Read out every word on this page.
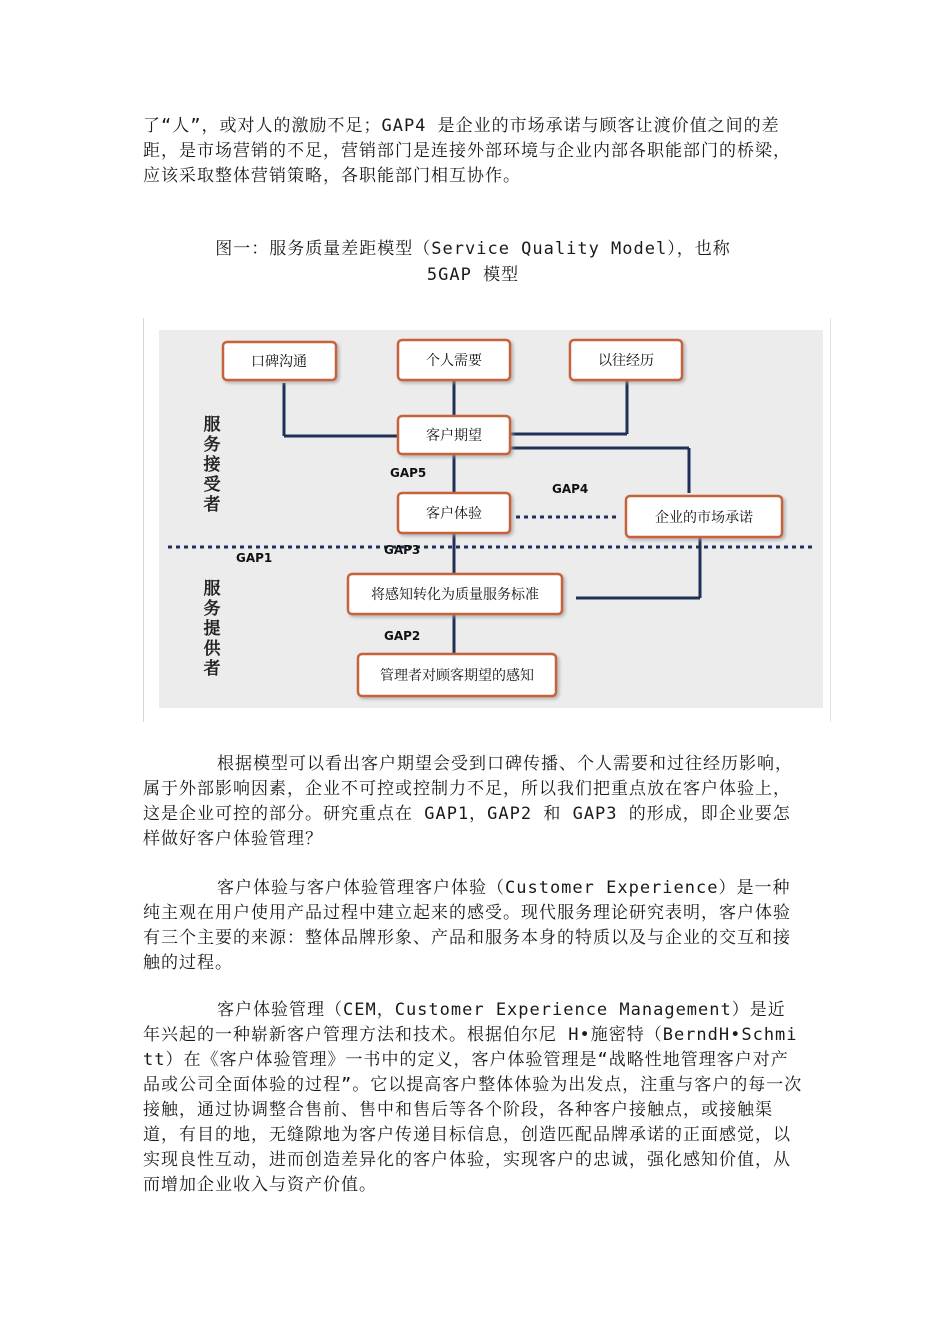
了“人”，或对人的激励不足；GAP4 是企业的市场承诺与顾客让渡价值之间的差距，是市场营销的不足，营销部门是连接外部环境与企业内部各职能部门的桥梁，应该采取整体营销策略，各职能部门相互协作。

图一：服务质量差距模型（Service Quality Model），也称
5GAP 模型

口碑沟通	个人需要	以往经历
客户期望
客户体验	企业的市场承诺
将感知转化为质量服务标准
管理者对顾客期望的感知
GAP5
GAP4
GAP1
GAP3
GAP2
服
务
接
受
者
服
务
提
供
者

根据模型可以看出客户期望会受到口碑传播、个人需要和过往经历影响，属于外部影响因素，企业不可控或控制力不足，所以我们把重点放在客户体验上，这是企业可控的部分。研究重点在 GAP1，GAP2 和 GAP3 的形成，即企业要怎样做好客户体验管理？

客户体验与客户体验管理客户体验（Customer Experience）是一种纯主观在用户使用产品过程中建立起来的感受。现代服务理论研究表明，客户体验有三个主要的来源：整体品牌形象、产品和服务本身的特质以及与企业的交互和接触的过程。

客户体验管理（CEM，Customer Experience Management）是近年兴起的一种崭新客户管理方法和技术。根据伯尔尼 H•施密特（BerndH•Schmitt）在《客户体验管理》一书中的定义，客户体验管理是“战略性地管理客户对产品或公司全面体验的过程”。它以提高客户整体体验为出发点，注重与客户的每一次接触，通过协调整合售前、售中和售后等各个阶段，各种客户接触点，或接触渠道，有目的地，无缝隙地为客户传递目标信息，创造匹配品牌承诺的正面感觉，以实现良性互动，进而创造差异化的客户体验，实现客户的忠诚，强化感知价值，从而增加企业收入与资产价值。
